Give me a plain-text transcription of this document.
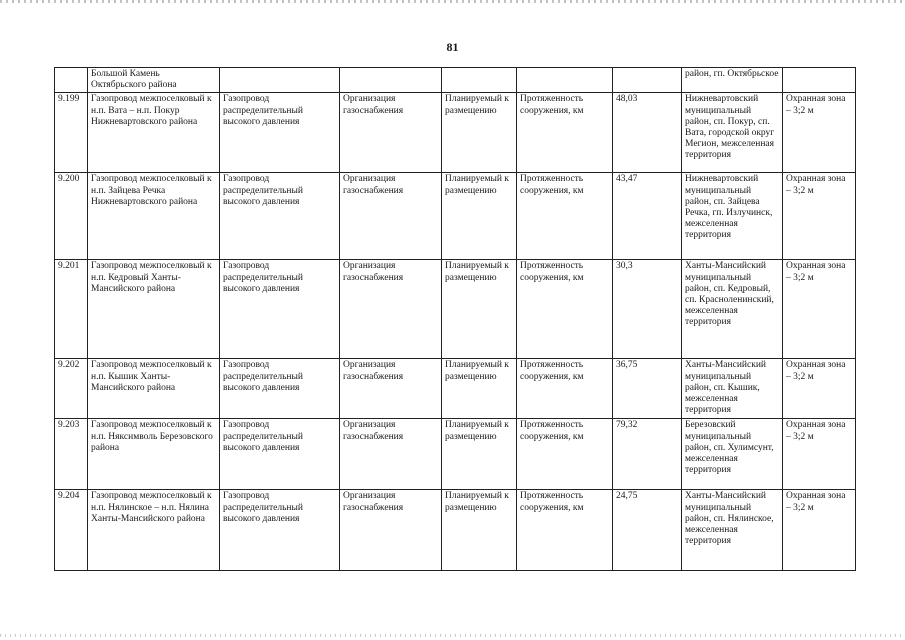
81
	Большой Камень Октябрьского района						район, гп. Октябрьское	
9.199	Газопровод межпоселковый к н.п. Вата – н.п. Покур Нижневартовского района	Газопровод распределительный высокого давления	Организация газоснабжения	Планируемый к размещению	Протяженность сооружения, км	48,03	Нижневартовский муниципальный район, сп. Покур, сп. Вата, городской округ Мегион, межселенная территория	Охранная зона – 3;2 м
9.200	Газопровод межпоселковый к н.п. Зайцева Речка Нижневартовского района	Газопровод распределительный высокого давления	Организация газоснабжения	Планируемый к размещению	Протяженность сооружения, км	43,47	Нижневартовский муниципальный район, сп. Зайцева Речка, гп. Излучинск, межселенная территория	Охранная зона – 3;2 м
9.201	Газопровод межпоселковый к н.п. Кедровый Ханты-Мансийского района	Газопровод распределительный высокого давления	Организация газоснабжения	Планируемый к размещению	Протяженность сооружения, км	30,3	Ханты-Мансийский муниципальный район, сп. Кедровый, сп. Красноленинский, межселенная территория	Охранная зона – 3;2 м
9.202	Газопровод межпоселковый к н.п. Кышик Ханты-Мансийского района	Газопровод распределительный высокого давления	Организация газоснабжения	Планируемый к размещению	Протяженность сооружения, км	36,75	Ханты-Мансийский муниципальный район, сп. Кышик, межселенная территория	Охранная зона – 3;2 м
9.203	Газопровод межпоселковый к н.п. Няксимволь Березовского района	Газопровод распределительный высокого давления	Организация газоснабжения	Планируемый к размещению	Протяженность сооружения, км	79,32	Березовский муниципальный район, сп. Хулимсунт, межселенная территория	Охранная зона – 3;2 м
9.204	Газопровод межпоселковый к н.п. Нялинское – н.п. Нялина Ханты-Мансийского района	Газопровод распределительный высокого давления	Организация газоснабжения	Планируемый к размещению	Протяженность сооружения, км	24,75	Ханты-Мансийский муниципальный район, сп. Нялинское, межселенная территория	Охранная зона – 3;2 м
